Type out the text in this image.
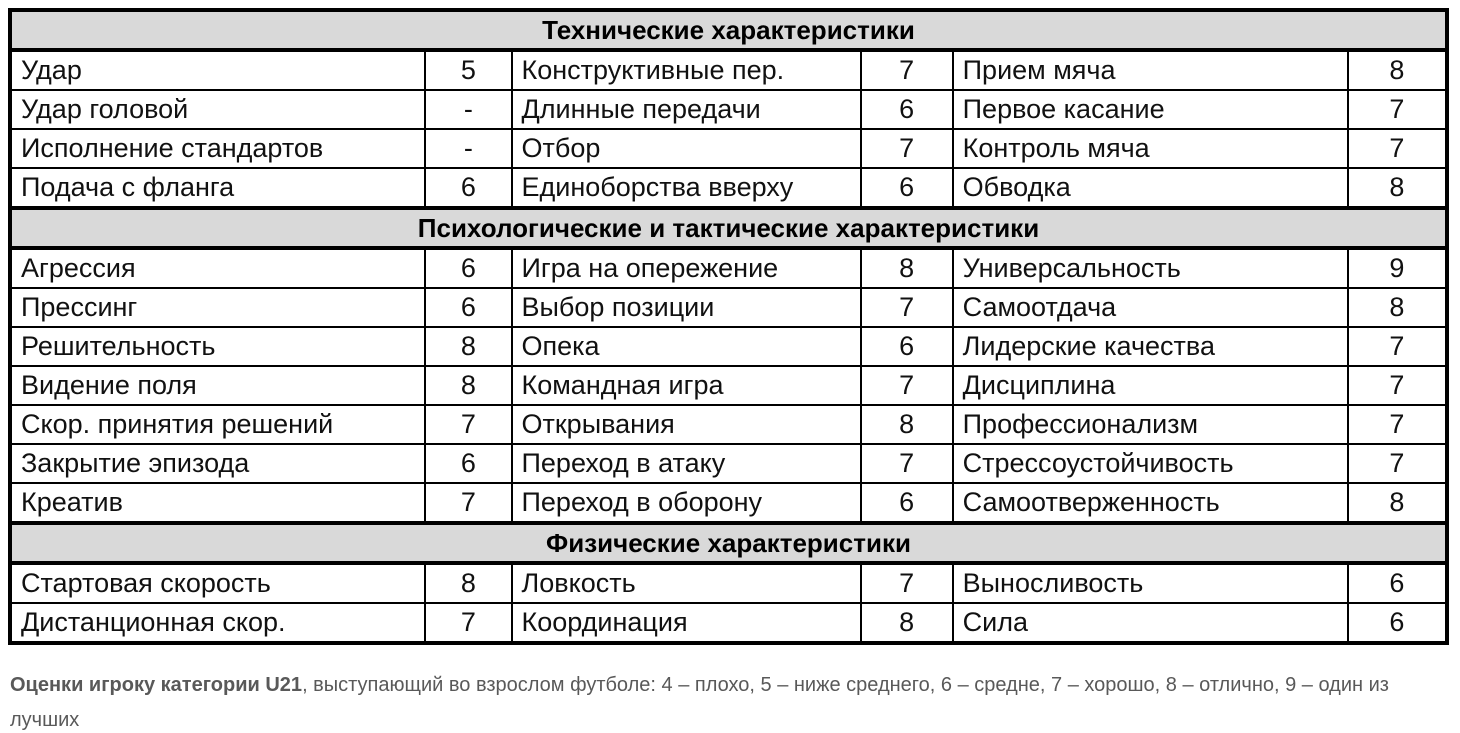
Технические характеристики					
Удар	5	Конструктивные пер.	7	Прием мяча	8
Удар головой	-	Длинные передачи	6	Первое касание	7
Исполнение стандартов	-	Отбор	7	Контроль мяча	7
Подача с фланга	6	Единоборства вверху	6	Обводка	8
Психологические и тактические характеристики					
Агрессия	6	Игра на опережение	8	Универсальность	9
Прессинг	6	Выбор позиции	7	Самоотдача	8
Решительность	8	Опека	6	Лидерские качества	7
Видение поля	8	Командная игра	7	Дисциплина	7
Скор. принятия решений	7	Открывания	8	Профессионализм	7
Закрытие эпизода	6	Переход в атаку	7	Стрессоустойчивость	7
Креатив	7	Переход в оборону	6	Самоотверженность	8
Физические характеристики					
Стартовая скорость	8	Ловкость	7	Выносливость	6
Дистанционная скор.	7	Координация	8	Сила	6
Оценки игроку категории U21, выступающий во взрослом футболе: 4 – плохо, 5 – ниже среднего, 6 – средне, 7 – хорошо, 8 – отлично, 9 – один из лучших
